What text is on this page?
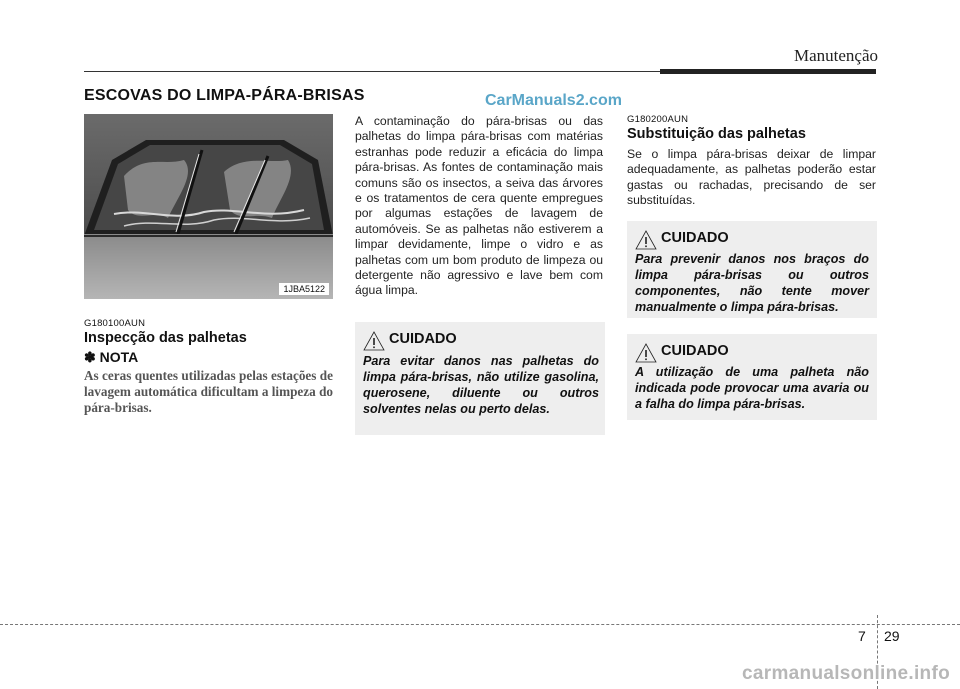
Manutenção
ESCOVAS DO LIMPA-PÁRA-BRISAS	CarManuals2.com
1JBA5122
G180100AUN
Inspecção das palhetas
✽ NOTA
As ceras quentes utilizadas pelas estações de lavagem automática dificultam a limpeza do pára-brisas.
A contaminação do pára-brisas ou das palhetas do limpa pára-brisas com matérias estranhas pode reduzir a eficácia do limpa pára-brisas. As fontes de contaminação mais comuns são os insectos, a seiva das árvores e os tratamentos de cera quente empregues por algumas estações de lavagem de automóveis. Se as palhetas não estiverem a limpar devidamente, limpe o vidro e as palhetas com um bom produto de limpeza ou detergente não agressivo e lave bem com água limpa.
CUIDADO
Para evitar danos nas palhetas do limpa pára-brisas, não utilize gasolina, querosene, diluente ou outros solventes nelas ou perto delas.
G180200AUN
Substituição das palhetas
Se o limpa pára-brisas deixar de limpar adequadamente, as palhetas poderão estar gastas ou rachadas, precisando de ser substituídas.
CUIDADO
Para prevenir danos nos braços do limpa pára-brisas ou outros componentes, não tente mover manualmente o limpa pára-brisas.
CUIDADO
A utilização de uma palheta não indicada pode provocar uma avaria ou a falha do limpa pára-brisas.
7 29
carmanualsonline.info
